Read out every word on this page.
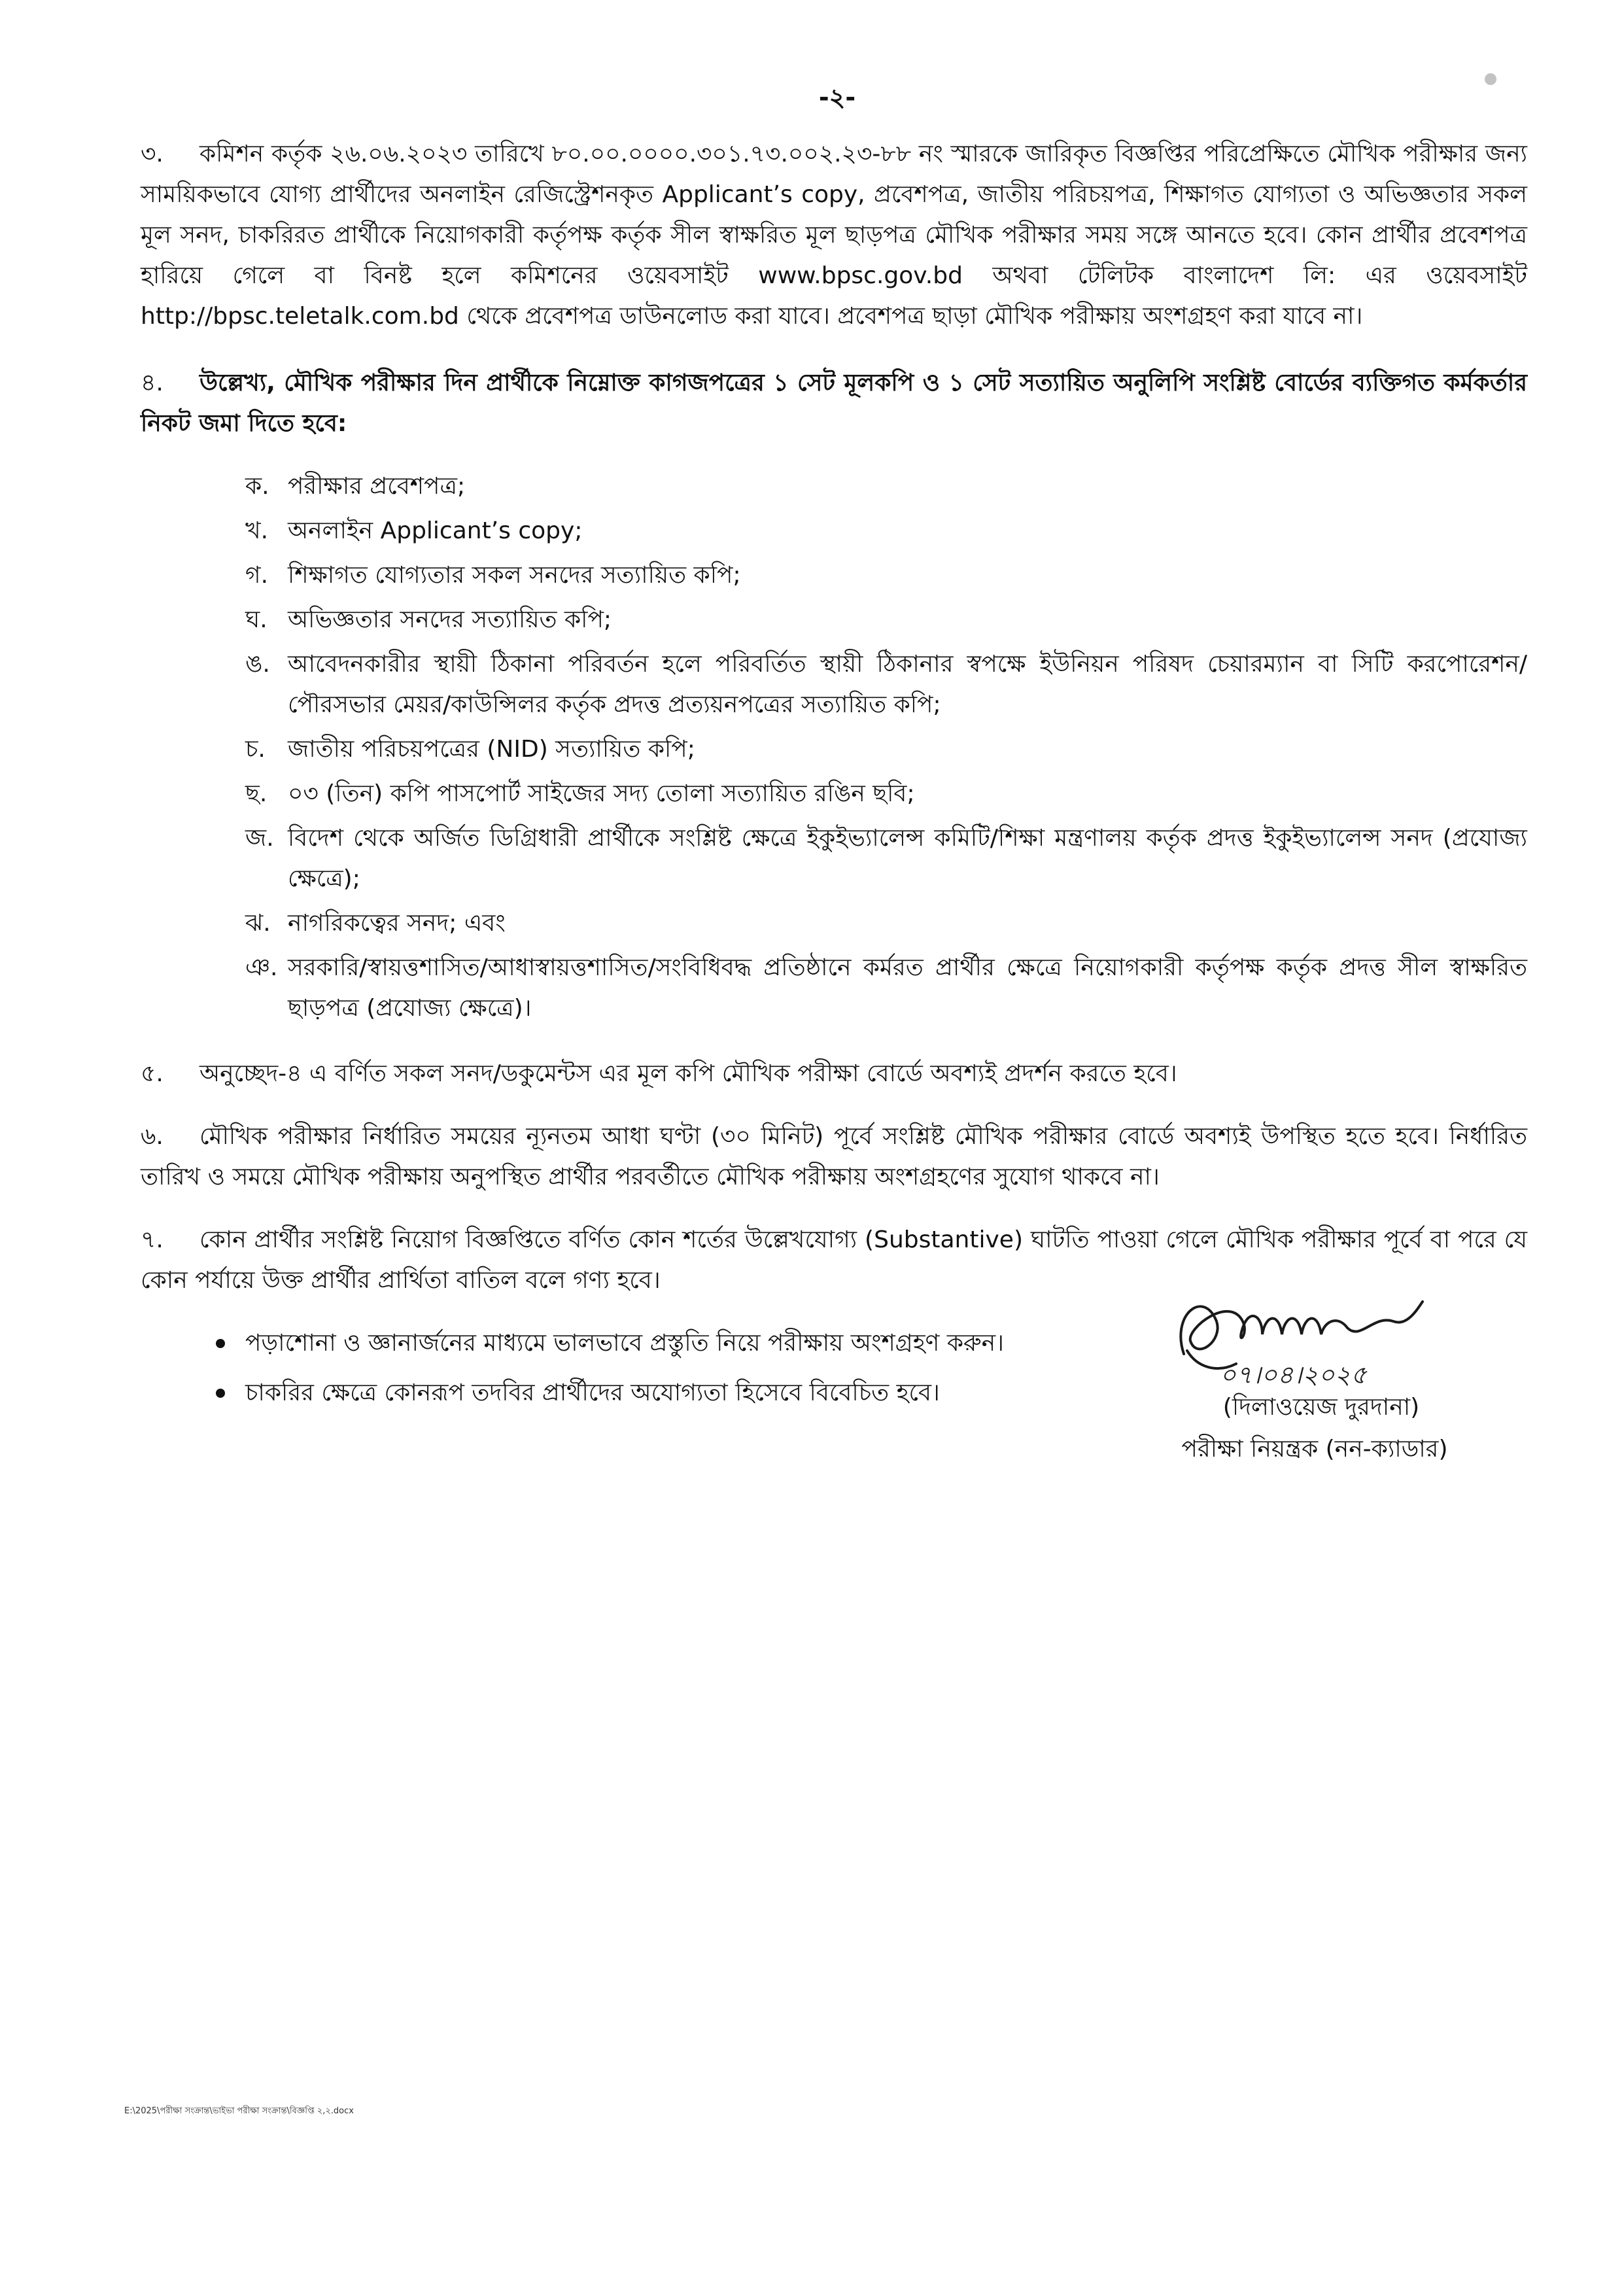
-২-
৩. কমিশন কর্তৃক ২৬.০৬.২০২৩ তারিখে ৮০.০০.০০০০.৩০১.৭৩.০০২.২৩-৮৮ নং স্মারকে জারিকৃত বিজ্ঞপ্তির পরিপ্রেক্ষিতে মৌখিক পরীক্ষার জন্য সাময়িকভাবে যোগ্য প্রার্থীদের অনলাইন রেজিস্ট্রেশনকৃত Applicant’s copy, প্রবেশপত্র, জাতীয় পরিচয়পত্র, শিক্ষাগত যোগ্যতা ও অভিজ্ঞতার সকল মূল সনদ, চাকরিরত প্রার্থীকে নিয়োগকারী কর্তৃপক্ষ কর্তৃক সীল স্বাক্ষরিত মূল ছাড়পত্র মৌখিক পরীক্ষার সময় সঙ্গে আনতে হবে। কোন প্রার্থীর প্রবেশপত্র হারিয়ে গেলে বা বিনষ্ট হলে কমিশনের ওয়েবসাইট www.bpsc.gov.bd অথবা টেলিটক বাংলাদেশ লি: এর ওয়েবসাইট http://bpsc.teletalk.com.bd থেকে প্রবেশপত্র ডাউনলোড করা যাবে। প্রবেশপত্র ছাড়া মৌখিক পরীক্ষায় অংশগ্রহণ করা যাবে না।
৪. উল্লেখ্য, মৌখিক পরীক্ষার দিন প্রার্থীকে নিম্নোক্ত কাগজপত্রের ১ সেট মূলকপি ও ১ সেট সত্যায়িত অনুলিপি সংশ্লিষ্ট বোর্ডের ব্যক্তিগত কর্মকর্তার নিকট জমা দিতে হবে:
ক. পরীক্ষার প্রবেশপত্র;
খ. অনলাইন Applicant’s copy;
গ. শিক্ষাগত যোগ্যতার সকল সনদের সত্যায়িত কপি;
ঘ. অভিজ্ঞতার সনদের সত্যায়িত কপি;
ঙ. আবেদনকারীর স্থায়ী ঠিকানা পরিবর্তন হলে পরিবর্তিত স্থায়ী ঠিকানার স্বপক্ষে ইউনিয়ন পরিষদ চেয়ারম্যান বা সিটি করপোরেশন/পৌরসভার মেয়র/কাউন্সিলর কর্তৃক প্রদত্ত প্রত্যয়নপত্রের সত্যায়িত কপি;
চ. জাতীয় পরিচয়পত্রের (NID) সত্যায়িত কপি;
ছ. ০৩ (তিন) কপি পাসপোর্ট সাইজের সদ্য তোলা সত্যায়িত রঙিন ছবি;
জ. বিদেশ থেকে অর্জিত ডিগ্রিধারী প্রার্থীকে সংশ্লিষ্ট ক্ষেত্রে ইকুইভ্যালেন্স কমিটি/শিক্ষা মন্ত্রণালয় কর্তৃক প্রদত্ত ইকুইভ্যালেন্স সনদ (প্রযোজ্য ক্ষেত্রে);
ঝ. নাগরিকত্বের সনদ; এবং
ঞ. সরকারি/স্বায়ত্তশাসিত/আধাস্বায়ত্তশাসিত/সংবিধিবদ্ধ প্রতিষ্ঠানে কর্মরত প্রার্থীর ক্ষেত্রে নিয়োগকারী কর্তৃপক্ষ কর্তৃক প্রদত্ত সীল স্বাক্ষরিত ছাড়পত্র (প্রযোজ্য ক্ষেত্রে)।
৫. অনুচ্ছেদ-৪ এ বর্ণিত সকল সনদ/ডকুমেন্টস এর মূল কপি মৌখিক পরীক্ষা বোর্ডে অবশ্যই প্রদর্শন করতে হবে।
৬. মৌখিক পরীক্ষার নির্ধারিত সময়ের ন্যূনতম আধা ঘণ্টা (৩০ মিনিট) পূর্বে সংশ্লিষ্ট মৌখিক পরীক্ষার বোর্ডে অবশ্যই উপস্থিত হতে হবে। নির্ধারিত তারিখ ও সময়ে মৌখিক পরীক্ষায় অনুপস্থিত প্রার্থীর পরবর্তীতে মৌখিক পরীক্ষায় অংশগ্রহণের সুযোগ থাকবে না।
৭. কোন প্রার্থীর সংশ্লিষ্ট নিয়োগ বিজ্ঞপ্তিতে বর্ণিত কোন শর্তের উল্লেখযোগ্য (Substantive) ঘাটতি পাওয়া গেলে মৌখিক পরীক্ষার পূর্বে বা পরে যে কোন পর্যায়ে উক্ত প্রার্থীর প্রার্থিতা বাতিল বলে গণ্য হবে।
পড়াশোনা ও জ্ঞানার্জনের মাধ্যমে ভালভাবে প্রস্তুতি নিয়ে পরীক্ষায় অংশগ্রহণ করুন।
চাকরির ক্ষেত্রে কোনরূপ তদবির প্রার্থীদের অযোগ্যতা হিসেবে বিবেচিত হবে।
০৭।০৪।২০২৫
(দিলাওয়েজ দুরদানা)
পরীক্ষা নিয়ন্ত্রক (নন-ক্যাডার)
E:\2025\পরীক্ষা সংক্রান্ত\ভাইভা পরীক্ষা সংক্রান্ত\বিজ্ঞপ্তি ২,২.docx
